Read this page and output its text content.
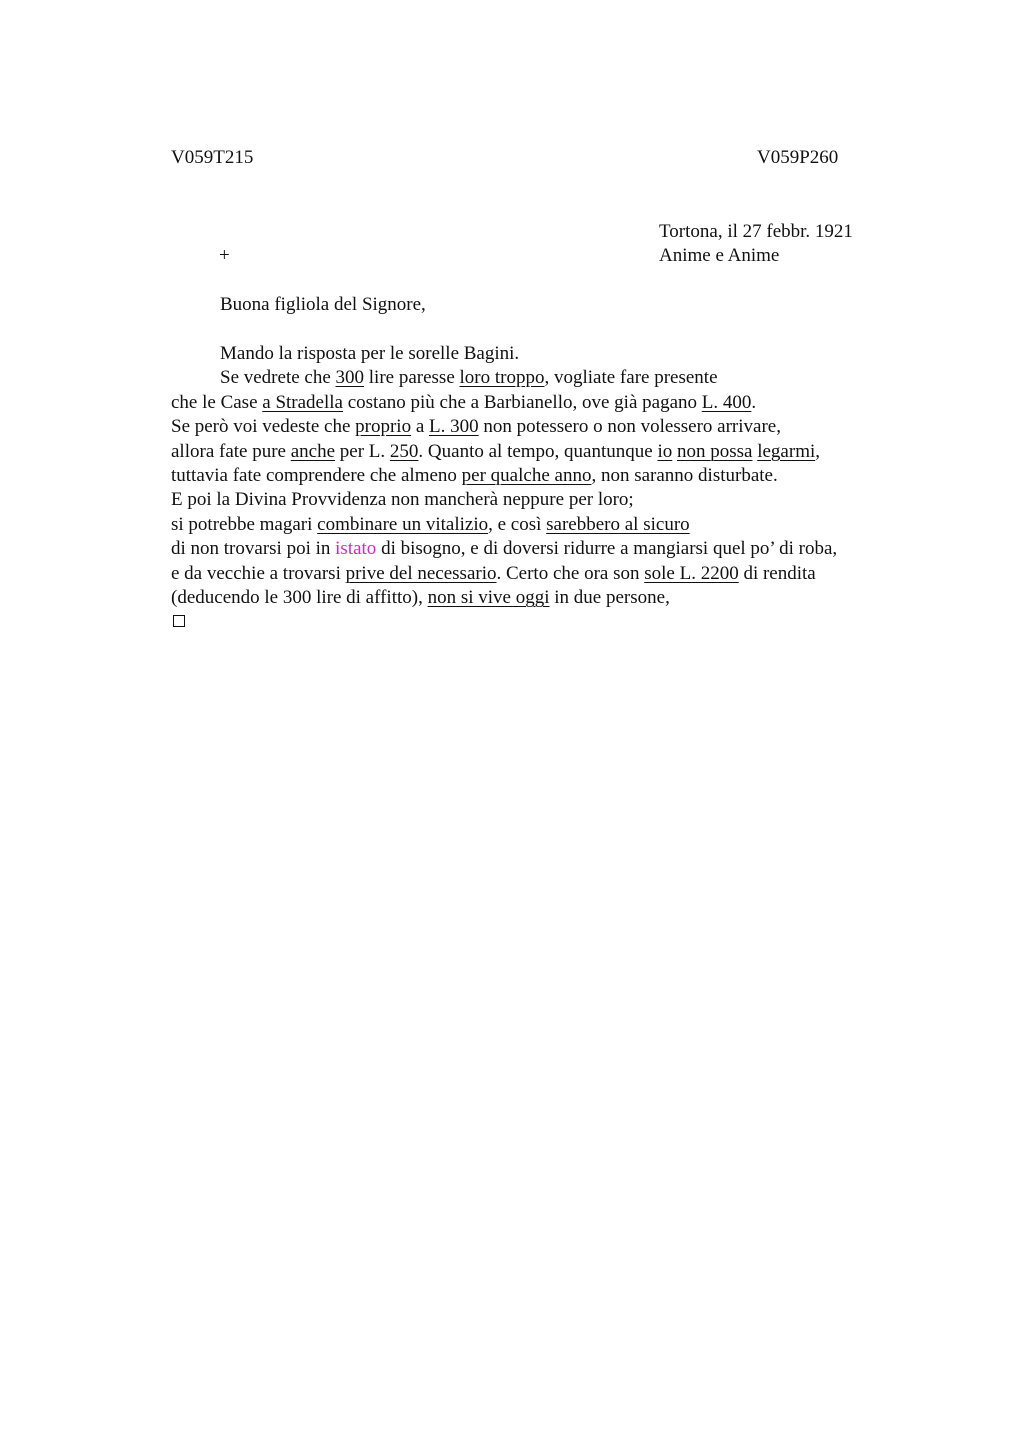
V059T215	V059P260
Tortona, il 27 febbr. 1921
+	Anime e Anime
Buona figliola del Signore,
Mando la risposta per le sorelle Bagini.
Se vedrete che 300 lire paresse loro troppo, vogliate fare presente
che le Case a Stradella costano più che a Barbianello, ove già pagano L. 400.
Se però voi vedeste che proprio a L. 300 non potessero o non volessero arrivare,
allora fate pure anche per L. 250. Quanto al tempo, quantunque io non possa legarmi,
tuttavia fate comprendere che almeno per qualche anno, non saranno disturbate.
E poi la Divina Provvidenza non mancherà neppure per loro;
si potrebbe magari combinare un vitalizio, e così sarebbero al sicuro
di non trovarsi poi in istato di bisogno, e di doversi ridurre a mangiarsi quel po’ di roba,
e da vecchie a trovarsi prive del necessario. Certo che ora son sole L. 2200 di rendita
(deducendo le 300 lire di affitto), non si vive oggi in due persone,
